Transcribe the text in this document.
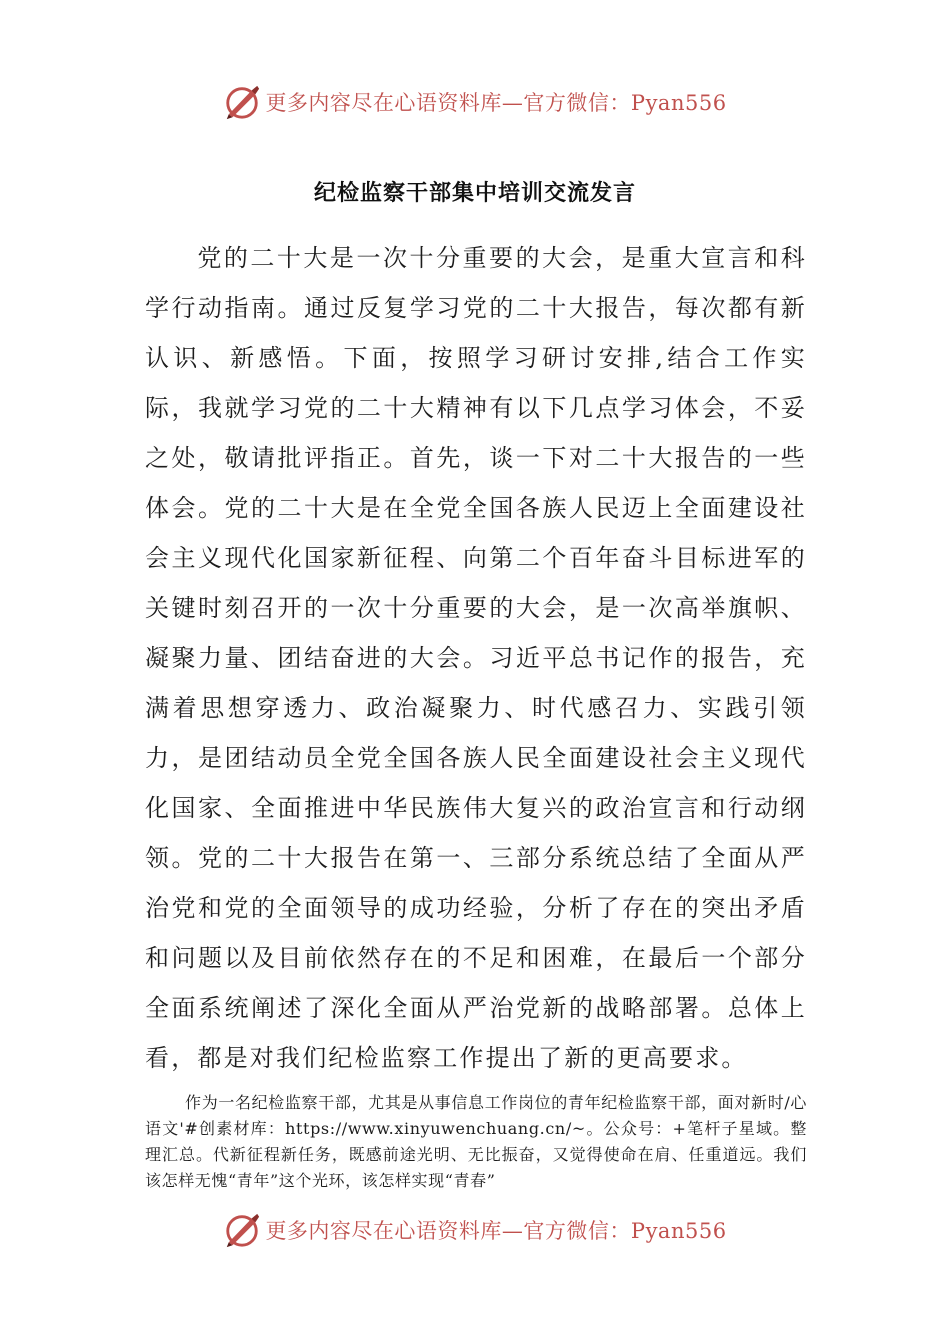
更多内容尽在心语资料库—官方微信：Pyan556
纪检监察干部集中培训交流发言

党的二十大是一次十分重要的大会，是重大宣言和科学行动指南。通过反复学习党的二十大报告，每次都有新认识、新感悟。下面，按照学习研讨安排,结合工作实际，我就学习党的二十大精神有以下几点学习体会，不妥之处，敬请批评指正。首先，谈一下对二十大报告的一些体会。党的二十大是在全党全国各族人民迈上全面建设社会主义现代化国家新征程、向第二个百年奋斗目标进军的关键时刻召开的一次十分重要的大会，是一次高举旗帜、凝聚力量、团结奋进的大会。习近平总书记作的报告，充满着思想穿透力、政治凝聚力、时代感召力、实践引领力，是团结动员全党全国各族人民全面建设社会主义现代化国家、全面推进中华民族伟大复兴的政治宣言和行动纲领。党的二十大报告在第一、三部分系统总结了全面从严治党和党的全面领导的成功经验，分析了存在的突出矛盾和问题以及目前依然存在的不足和困难，在最后一个部分全面系统阐述了深化全面从严治党新的战略部署。总体上看，都是对我们纪检监察工作提出了新的更高要求。

作为一名纪检监察干部，尤其是从事信息工作岗位的青年纪检监察干部，面对新时/心语文'#创素材库：https://www.xinyuwenchuang.cn/~。公众号：+笔杆子星域。整理汇总。代新征程新任务，既感前途光明、无比振奋，又觉得使命在肩、任重道远。我们该怎样无愧“青年”这个光环，该怎样实现“青春”

更多内容尽在心语资料库—官方微信：Pyan556
